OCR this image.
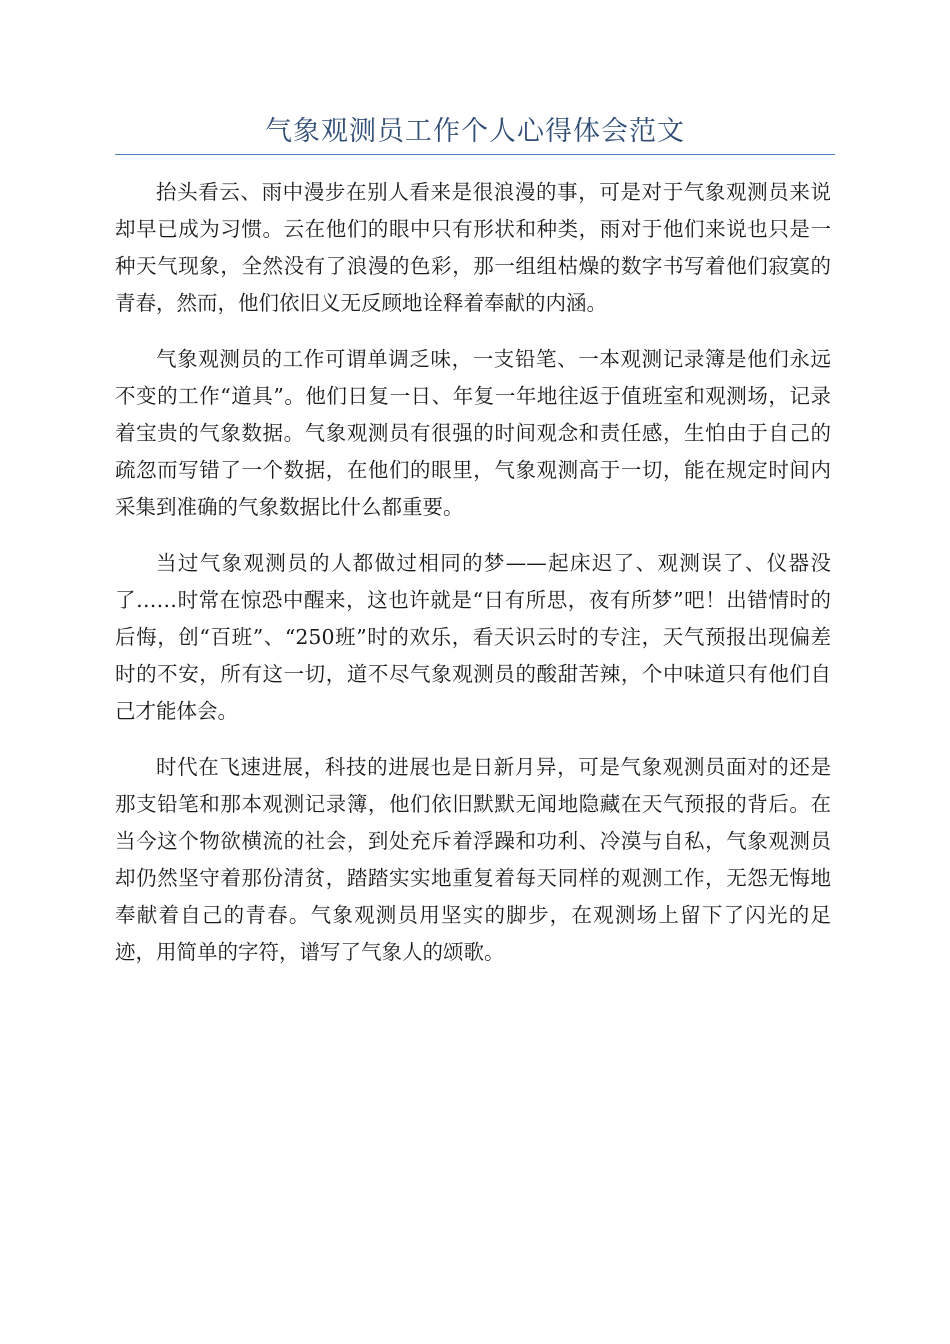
气象观测员工作个人心得体会范文

抬头看云、雨中漫步在别人看来是很浪漫的事，可是对于气象观测员来说却早已成为习惯。云在他们的眼中只有形状和种类，雨对于他们来说也只是一种天气现象，全然没有了浪漫的色彩，那一组组枯燥的数字书写着他们寂寞的青春，然而，他们依旧义无反顾地诠释着奉献的内涵。

气象观测员的工作可谓单调乏味，一支铅笔、一本观测记录簿是他们永远不变的工作“道具”。他们日复一日、年复一年地往返于值班室和观测场，记录着宝贵的气象数据。气象观测员有很强的时间观念和责任感，生怕由于自己的疏忽而写错了一个数据，在他们的眼里，气象观测高于一切，能在规定时间内采集到准确的气象数据比什么都重要。

当过气象观测员的人都做过相同的梦——起床迟了、观测误了、仪器没了……时常在惊恐中醒来，这也许就是“日有所思，夜有所梦”吧！出错情时的后悔，创“百班”、“250班”时的欢乐，看天识云时的专注，天气预报出现偏差时的不安，所有这一切，道不尽气象观测员的酸甜苦辣，个中味道只有他们自己才能体会。

时代在飞速进展，科技的进展也是日新月异，可是气象观测员面对的还是那支铅笔和那本观测记录簿，他们依旧默默无闻地隐藏在天气预报的背后。在当今这个物欲横流的社会，到处充斥着浮躁和功利、冷漠与自私，气象观测员却仍然坚守着那份清贫，踏踏实实地重复着每天同样的观测工作，无怨无悔地奉献着自己的青春。气象观测员用坚实的脚步，在观测场上留下了闪光的足迹，用简单的字符，谱写了气象人的颂歌。
